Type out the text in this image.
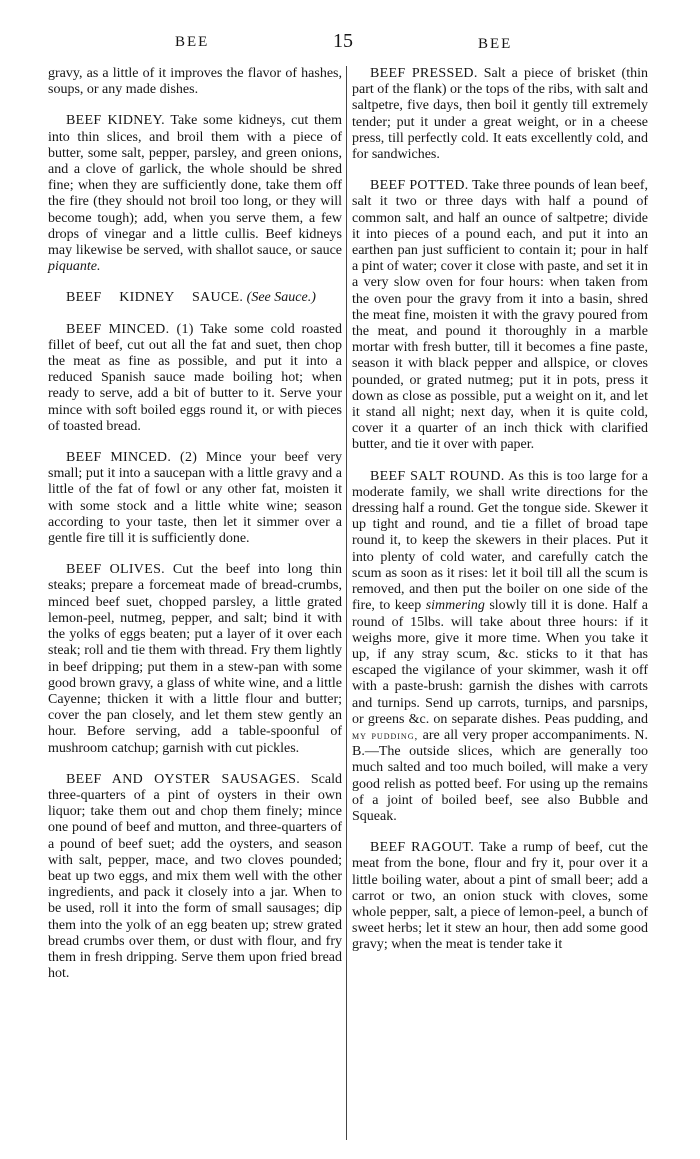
BEE	15	BEE

gravy, as a little of it improves the flavor of hashes, soups, or any made dishes.

BEEF KIDNEY. Take some kidneys, cut them into thin slices, and broil them with a piece of butter, some salt, pepper, parsley, and green onions, and a clove of garlick, the whole should be shred fine; when they are sufficiently done, take them off the fire (they should not broil too long, or they will become tough); add, when you serve them, a few drops of vinegar and a little cullis. Beef kidneys may likewise be served, with shallot sauce, or sauce piquante.

BEEF KIDNEY SAUCE. (See Sauce.)

BEEF MINCED. (1) Take some cold roasted fillet of beef, cut out all the fat and suet, then chop the meat as fine as possible, and put it into a reduced Spanish sauce made boiling hot; when ready to serve, add a bit of butter to it. Serve your mince with soft boiled eggs round it, or with pieces of toasted bread.

BEEF MINCED. (2) Mince your beef very small; put it into a saucepan with a little gravy and a little of the fat of fowl or any other fat, moisten it with some stock and a little white wine; season according to your taste, then let it simmer over a gentle fire till it is sufficiently done.

BEEF OLIVES. Cut the beef into long thin steaks; prepare a forcemeat made of bread-crumbs, minced beef suet, chopped parsley, a little grated lemon-peel, nutmeg, pepper, and salt; bind it with the yolks of eggs beaten; put a layer of it over each steak; roll and tie them with thread. Fry them lightly in beef dripping; put them in a stew-pan with some good brown gravy, a glass of white wine, and a little Cayenne; thicken it with a little flour and butter; cover the pan closely, and let them stew gently an hour. Before serving, add a table-spoonful of mushroom catchup; garnish with cut pickles.

BEEF AND OYSTER SAUSAGES. Scald three-quarters of a pint of oysters in their own liquor; take them out and chop them finely; mince one pound of beef and mutton, and three-quarters of a pound of beef suet; add the oysters, and season with salt, pepper, mace, and two cloves pounded; beat up two eggs, and mix them well with the other ingredients, and pack it closely into a jar. When to be used, roll it into the form of small sausages; dip them into the yolk of an egg beaten up; strew grated bread crumbs over them, or dust with flour, and fry them in fresh dripping. Serve them upon fried bread hot.

BEEF PRESSED. Salt a piece of brisket (thin part of the flank) or the tops of the ribs, with salt and saltpetre, five days, then boil it gently till extremely tender; put it under a great weight, or in a cheese press, till perfectly cold. It eats excellently cold, and for sandwiches.

BEEF POTTED. Take three pounds of lean beef, salt it two or three days with half a pound of common salt, and half an ounce of saltpetre; divide it into pieces of a pound each, and put it into an earthen pan just sufficient to contain it; pour in half a pint of water; cover it close with paste, and set it in a very slow oven for four hours: when taken from the oven pour the gravy from it into a basin, shred the meat fine, moisten it with the gravy poured from the meat, and pound it thoroughly in a marble mortar with fresh butter, till it becomes a fine paste, season it with black pepper and allspice, or cloves pounded, or grated nutmeg; put it in pots, press it down as close as possible, put a weight on it, and let it stand all night; next day, when it is quite cold, cover it a quarter of an inch thick with clarified butter, and tie it over with paper.

BEEF SALT ROUND. As this is too large for a moderate family, we shall write directions for the dressing half a round. Get the tongue side. Skewer it up tight and round, and tie a fillet of broad tape round it, to keep the skewers in their places. Put it into plenty of cold water, and carefully catch the scum as soon as it rises: let it boil till all the scum is removed, and then put the boiler on one side of the fire, to keep simmering slowly till it is done. Half a round of 15lbs. will take about three hours: if it weighs more, give it more time. When you take it up, if any stray scum, &c. sticks to it that has escaped the vigilance of your skimmer, wash it off with a paste-brush: garnish the dishes with carrots and turnips. Send up carrots, turnips, and parsnips, or greens &c. on separate dishes. Peas pudding, and my pudding, are all very proper accompaniments. N. B.—The outside slices, which are generally too much salted and too much boiled, will make a very good relish as potted beef. For using up the remains of a joint of boiled beef, see also Bubble and Squeak.

BEEF RAGOUT. Take a rump of beef, cut the meat from the bone, flour and fry it, pour over it a little boiling water, about a pint of small beer; add a carrot or two, an onion stuck with cloves, some whole pepper, salt, a piece of lemon-peel, a bunch of sweet herbs; let it stew an hour, then add some good gravy; when the meat is tender take it
